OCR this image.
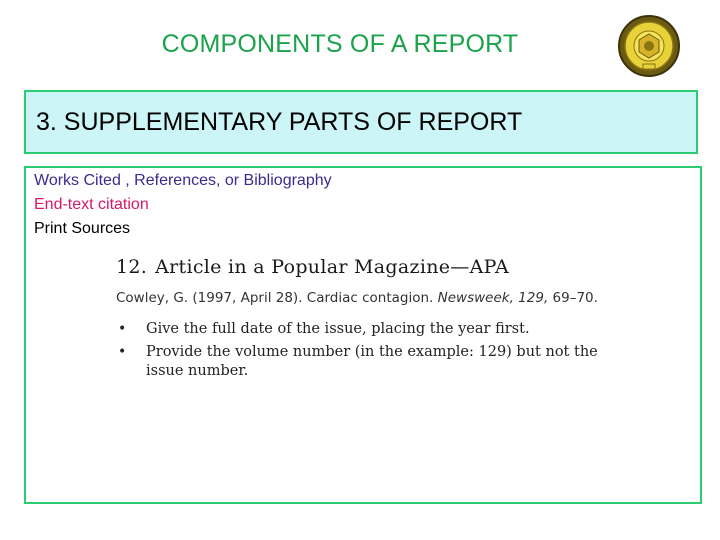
COMPONENTS OF A REPORT
3. SUPPLEMENTARY PARTS OF REPORT
Works Cited , References, or Bibliography
End-text citation
Print Sources
12. Article in a Popular Magazine—APA
Cowley, G. (1997, April 28). Cardiac contagion. Newsweek, 129, 69–70.
• Give the full date of the issue, placing the year first.
• Provide the volume number (in the example: 129) but not the issue number.
